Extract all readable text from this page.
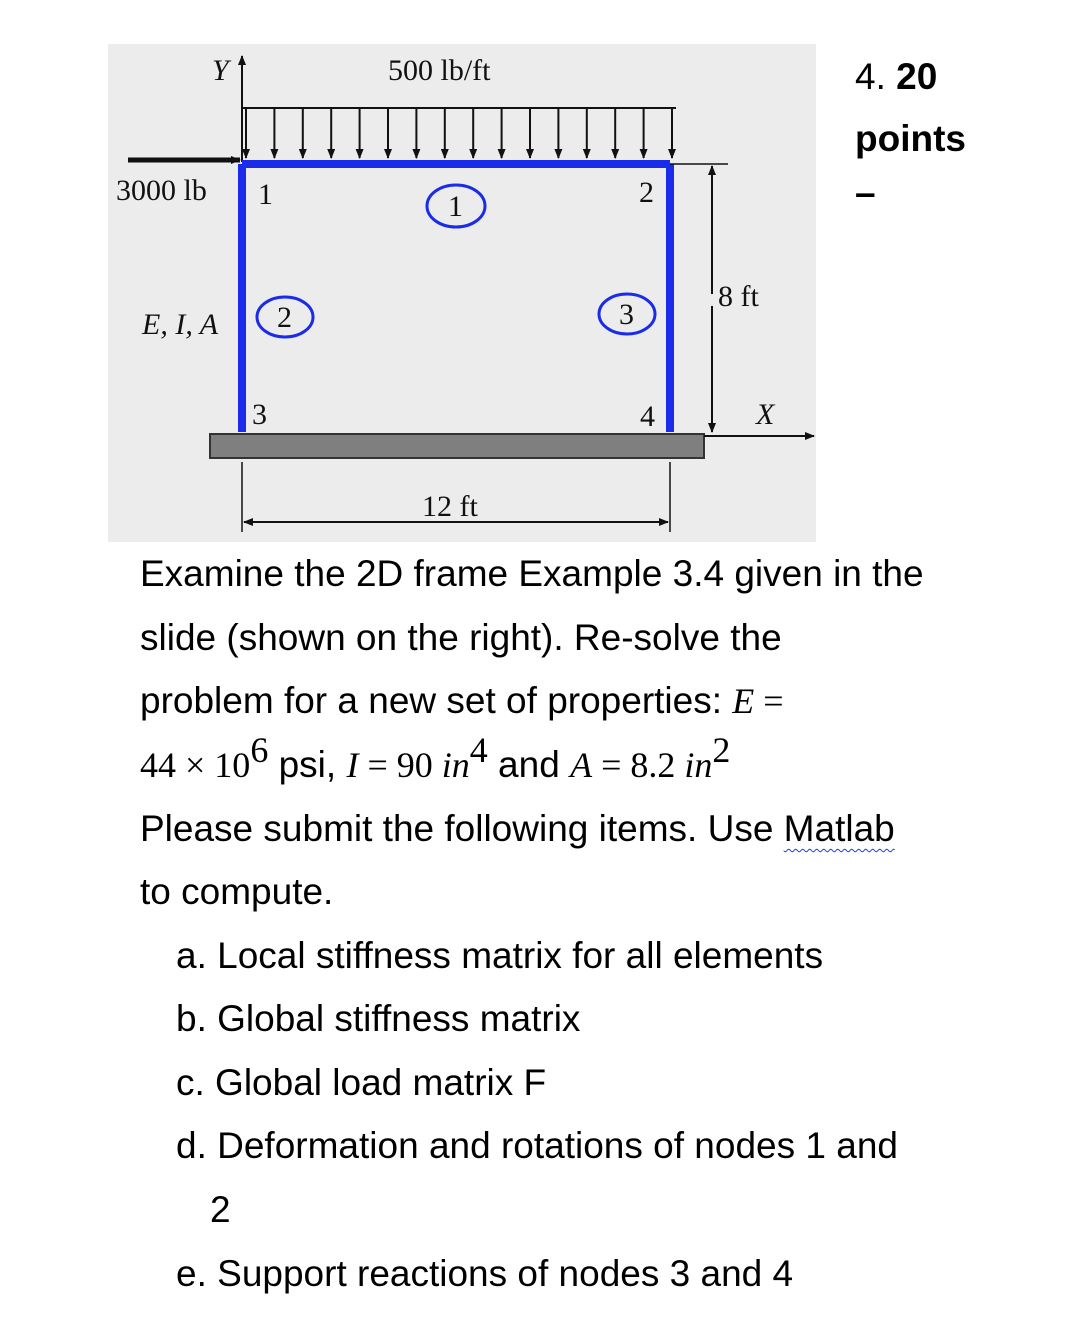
Y	500 lb/ft
3000 lb 1	2
3	4
1
2	3
E, I, A
8 ft
X
12 ft
4. 20
points
–
Examine the 2D frame Example 3.4 given in the
slide (shown on the right). Re-solve the
problem for a new set of properties: E =
$44 \times 10^6$ psi, I = 90 $in^4$ and A = 8.2 $in^2$
Please submit the following items. Use Matlab
to compute.
a. Local stiffness matrix for all elements
b. Global stiffness matrix
c. Global load matrix F
d. Deformation and rotations of nodes 1 and
2
e. Support reactions of nodes 3 and 4
